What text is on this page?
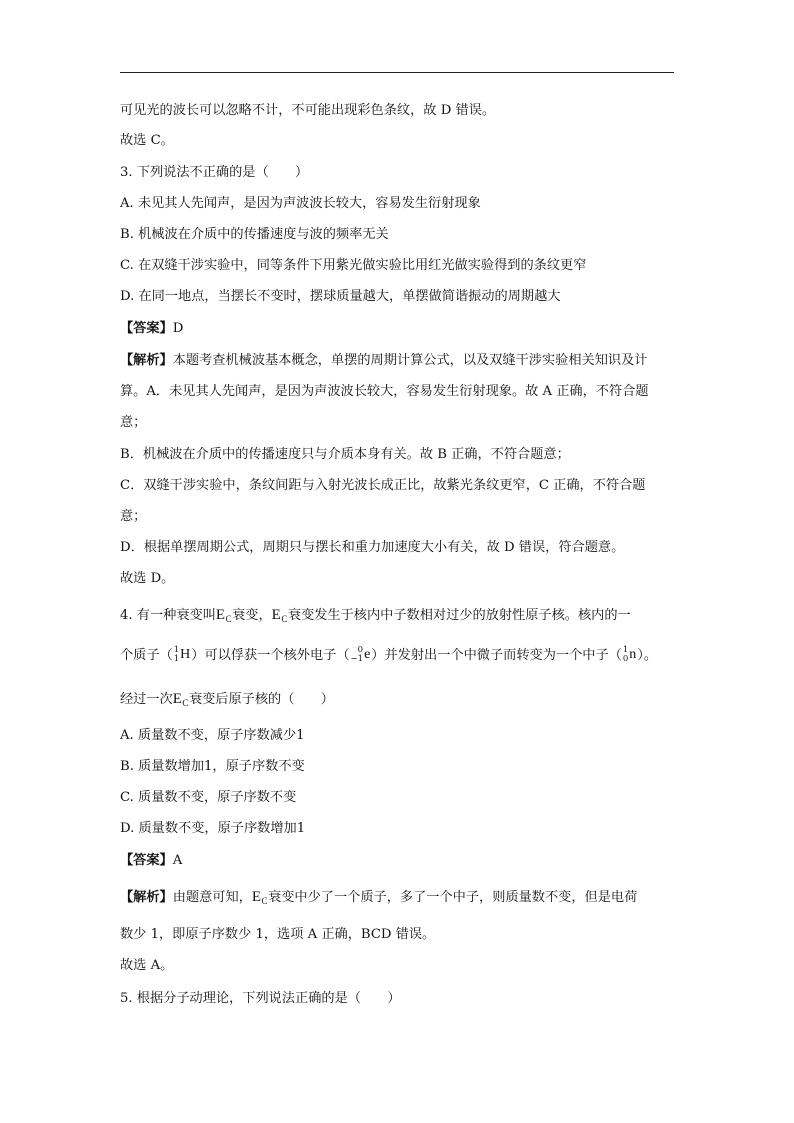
可见光的波长可以忽略不计，不可能出现彩色条纹，故 D 错误。
故选 C。
3. 下列说法不正确的是（　　）
A. 未见其人先闻声，是因为声波波长较大，容易发生衍射现象
B. 机械波在介质中的传播速度与波的频率无关
C. 在双缝干涉实验中，同等条件下用紫光做实验比用红光做实验得到的条纹更窄
D. 在同一地点，当摆长不变时，摆球质量越大，单摆做简谐振动的周期越大
【答案】D
【解析】本题考查机械波基本概念，单摆的周期计算公式，以及双缝干涉实验相关知识及计
算。A．未见其人先闻声，是因为声波波长较大，容易发生衍射现象。故 A 正确，不符合题
意；
B．机械波在介质中的传播速度只与介质本身有关。故 B 正确，不符合题意；
C．双缝干涉实验中，条纹间距与入射光波长成正比，故紫光条纹更窄，C 正确，不符合题
意；
D．根据单摆周期公式，周期只与摆长和重力加速度大小有关，故 D 错误，符合题意。
故选 D。
4. 有一种衰变叫$E_C$衰变，$E_C$衰变发生于核内中子数相对过少的放射性原子核。核内的一
个质子（ 1
1 H）可以俘获一个核外电子（ 0
−1 e）并发射出一个中微子而转变为一个中子（ 1
0 n）。
经过一次$E_C$衰变后原子核的（　　）
A. 质量数不变，原子序数减少1
B. 质量数增加1，原子序数不变
C. 质量数不变，原子序数不变
D. 质量数不变，原子序数增加1
【答案】A
【解析】由题意可知，$E_C$衰变中少了一个质子，多了一个中子，则质量数不变，但是电荷
数少 1，即原子序数少 1，选项 A 正确，BCD 错误。
故选 A。
5. 根据分子动理论，下列说法正确的是（　　）
